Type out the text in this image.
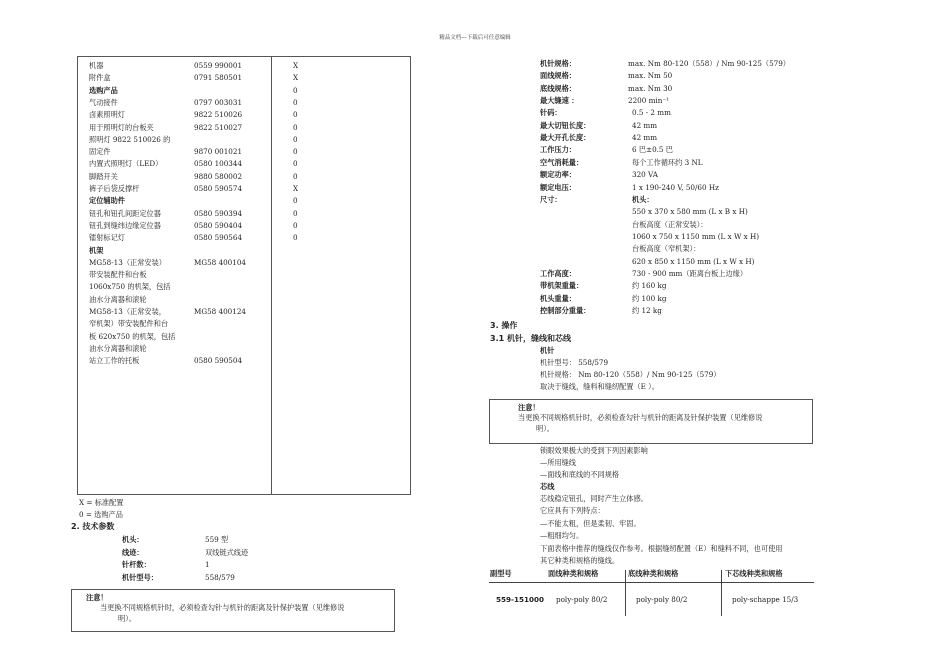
精品文档---下载后可任意编辑
机器	0559 990001	X
附件盒	0791 580501	X
选购产品	0
气动接件	0797 003031	0
卤素照明灯	9822 510026	0
用于照明灯的台板夹	9822 510027	0
照明灯 9822 510026 的	0
固定件	9870 001021	0
内置式照明灯（LED）	0580 100344	0
脚踏开关	9880 580002	0
裤子后袋反撑杆	0580 590574	X
定位辅助件	0
钮孔和钮孔间距定位器	0580 590394	0
钮孔到缝纬边缘定位器	0580 590404	0
镭射标记灯	0580 590564	0
机架
MG58-13（正常安装）	MG58 400104
带安装配件和台板
1060x750 的机架，包括
油水分离器和滚轮
MG58-13（正常安装，	MG58 400124
窄机架）带安装配件和台
板 620x750 的机架，包括
油水分离器和滚轮
站立工作的托板	0580 590504
X = 标准配置
0 = 选购产品
2. 技术参数
机头：	559 型
线迹：	双线链式线迹
针杆数：	1
机针型号：	558/579
注意！
当更换不同规格机针时，必须检查勾针与机针的距离及针保护装置（见维修说
明）。
机针规格：	max. Nm 80-120（558）/ Nm 90-125（579）
面线规格：	max. Nm 50
底线规格：	max. Nm 30
最大缝速 ：	2200 min⁻¹
针码：	0.5 - 2 mm
最大切钮长度：	42 mm
最大开孔长度：	42 mm
工作压力：	6 巴±0.5 巴
空气消耗量：	每个工作循环约 3 NL
额定功率：	320 VA
额定电压：	1 x 190-240 V, 50/60 Hz
尺寸：	机头：
550 x 370 x 580 mm (L x B x H)
台板高度（正常安装）：
1060 x 750 x 1150 mm (L x W x H)
台板高度（窄机架）：
620 x 850 x 1150 mm (L x W x H)
工作高度：	730 - 900 mm（距离台板上边缘）
带机架重量：	约 160 kg
机头重量：	约 100 kg
控制部分重量：	约 12 kg
3. 操作
3.1 机针，缝线和芯线
机针
机针型号： 558/579
机针规格： Nm 80-120（558）/ Nm 90-125（579）
取决于缝线，缝料和缝纫配置（E ）。
注意！
当更换不同规格机针时，必须检查勾针与机针的距离及针保护装置（见维修说
明）。
锁眼效果极大的受到下列因素影响
—所用缝线
—面线和底线的不同规格
芯线
芯线稳定钮孔，同时产生立体感。
它应具有下列特点：
—不能太粗，但是柔韧、牢固。
—粗细均匀。
下面表格中推荐的缝线仅作参考。根据缝纫配置（E）和缝料不同，也可使用
其它种类和规格的缝线。
副型号	面线种类和规格	底线种类和规格	下芯线种类和规格
559-151000 poly-poly 80/2	poly-poly 80/2	poly-schappe 15/3
